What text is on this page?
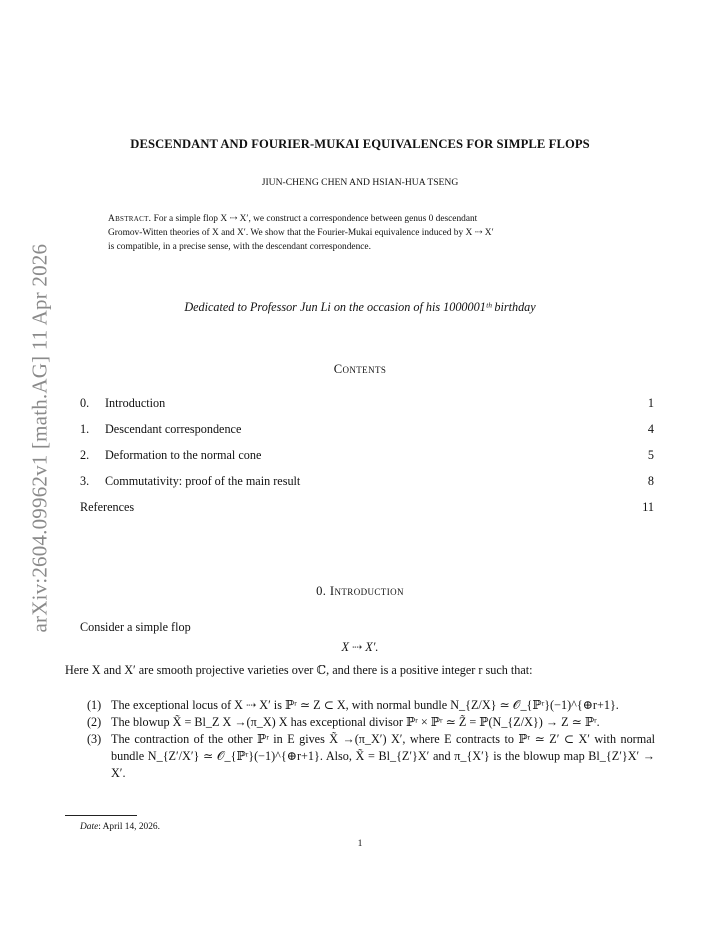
arXiv:2604.09962v1 [math.AG] 11 Apr 2026
DESCENDANT AND FOURIER-MUKAI EQUIVALENCES FOR SIMPLE FLOPS
JIUN-CHENG CHEN AND HSIAN-HUA TSENG
Abstract. For a simple flop X ⇢ X′, we construct a correspondence between genus 0 descendant
Gromov-Witten theories of X and X′. We show that the Fourier-Mukai equivalence induced by X ⇢ X′
is compatible, in a precise sense, with the descendant correspondence.
Dedicated to Professor Jun Li on the occasion of his 1000001ᵗʰ birthday
Contents
0.	Introduction	1
1.	Descendant correspondence	4
2.	Deformation to the normal cone	5
3.	Commutativity: proof of the main result	8
References	11
0. Introduction
Consider a simple flop
X ⇢ X′.
Here X and X′ are smooth projective varieties over ℂ, and there is a positive integer r such that:
(1) The exceptional locus of X ⇢ X′ is ℙʳ ≃ Z ⊂ X, with normal bundle N_{Z/X} ≃ 𝒪_{ℙʳ}(−1)^{⊕r+1}.
(2) The blowup X̃ = Bl_Z X →(π_X) X has exceptional divisor ℙʳ × ℙʳ ≃ Z̃ = ℙ(N_{Z/X}) → Z ≃ ℙʳ.
(3) The contraction of the other ℙʳ in E gives X̃ →(π_X′) X′, where E contracts to ℙʳ ≃ Z′ ⊂ X′ with normal bundle N_{Z′/X′} ≃ 𝒪_{ℙʳ}(−1)^{⊕r+1}. Also, X̃ = Bl_{Z′}X′ and π_{X′} is the blowup map Bl_{Z′}X′ → X′.
Date: April 14, 2026.
1
